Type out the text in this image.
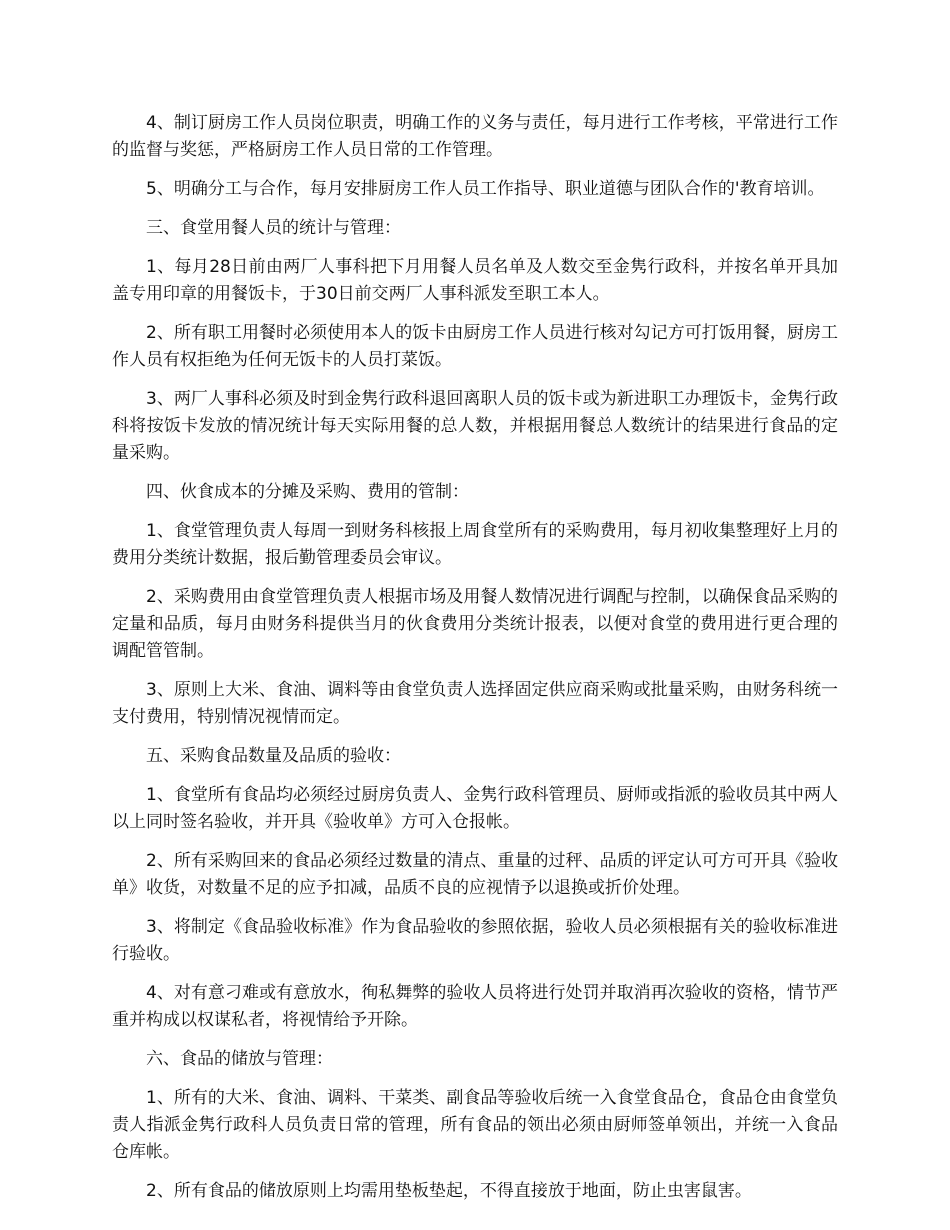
4、制订厨房工作人员岗位职责，明确工作的义务与责任，每月进行工作考核，平常进行工作的监督与奖惩，严格厨房工作人员日常的工作管理。

5、明确分工与合作，每月安排厨房工作人员工作指导、职业道德与团队合作的'教育培训。

三、食堂用餐人员的统计与管理：

1、每月28日前由两厂人事科把下月用餐人员名单及人数交至金隽行政科，并按名单开具加盖专用印章的用餐饭卡，于30日前交两厂人事科派发至职工本人。

2、所有职工用餐时必须使用本人的饭卡由厨房工作人员进行核对勾记方可打饭用餐，厨房工作人员有权拒绝为任何无饭卡的人员打菜饭。

3、两厂人事科必须及时到金隽行政科退回离职人员的饭卡或为新进职工办理饭卡，金隽行政科将按饭卡发放的情况统计每天实际用餐的总人数，并根据用餐总人数统计的结果进行食品的定量采购。

四、伙食成本的分摊及采购、费用的管制：

1、食堂管理负责人每周一到财务科核报上周食堂所有的采购费用，每月初收集整理好上月的费用分类统计数据，报后勤管理委员会审议。

2、采购费用由食堂管理负责人根据市场及用餐人数情况进行调配与控制，以确保食品采购的定量和品质，每月由财务科提供当月的伙食费用分类统计报表，以便对食堂的费用进行更合理的调配管管制。

3、原则上大米、食油、调料等由食堂负责人选择固定供应商采购或批量采购，由财务科统一支付费用，特别情况视情而定。

五、采购食品数量及品质的验收：

1、食堂所有食品均必须经过厨房负责人、金隽行政科管理员、厨师或指派的验收员其中两人以上同时签名验收，并开具《验收单》方可入仓报帐。

2、所有采购回来的食品必须经过数量的清点、重量的过秤、品质的评定认可方可开具《验收单》收货，对数量不足的应予扣减，品质不良的应视情予以退换或折价处理。

3、将制定《食品验收标准》作为食品验收的参照依据，验收人员必须根据有关的验收标准进行验收。

4、对有意刁难或有意放水，徇私舞弊的验收人员将进行处罚并取消再次验收的资格，情节严重并构成以权谋私者，将视情给予开除。

六、食品的储放与管理：

1、所有的大米、食油、调料、干菜类、副食品等验收后统一入食堂食品仓，食品仓由食堂负责人指派金隽行政科人员负责日常的管理，所有食品的领出必须由厨师签单领出，并统一入食品仓库帐。

2、所有食品的储放原则上均需用垫板垫起，不得直接放于地面，防止虫害鼠害。
